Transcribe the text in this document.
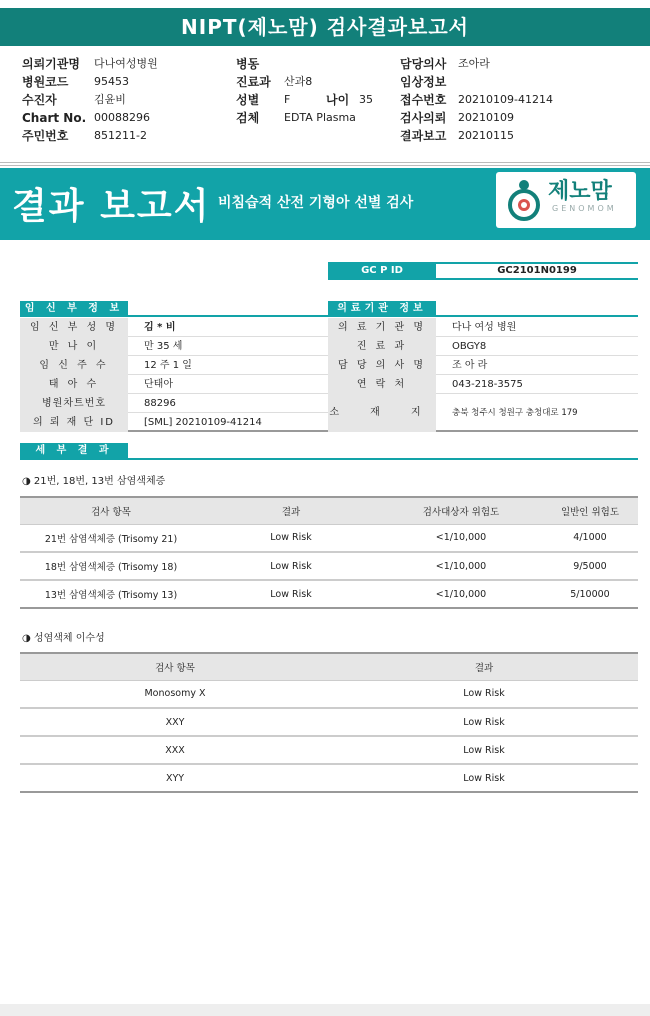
NIPT(제노맘) 검사결과보고서
의뢰기관명	다나여성병원
병원코드	95453
수진자	김윤비
Chart No. 00088296
주민번호	851211-2
병동
진료과	산과8
성별	F	나이 35
검체	EDTA Plasma
담당의사	조아라
임상정보
접수번호	20210109-41214
검사의뢰	20210109
결과보고	20210115
결과 보고서 비침습적 산전 기형아 선별 검사	제노맘
GENOMOM
GC P ID	GC2101N0199
임 신 부 정 보
임 신 부 성 명	김 * 비
만 나 이	만 35 세
임 신 주 수	12 주 1 일
태 아 수	단태아
병원차트번호	88296
의 뢰 재 단 ID	[SML] 20210109-41214
의료기관 정보
의 료 기 관 명	다나 여성 병원
진 료 과	OBGY8
담 당 의 사 명	조 아 라
연 락 처	043-218-3575
소 재 지	충북 청주시 청원구 충청대로 179
세 부 결 과
◑ 21번, 18번, 13번 삼염색체증
검사 항목	결과	검사대상자 위험도	일반인 위험도
21번 삼염색체증 (Trisomy 21)	Low Risk	<1/10,000	4/1000
18번 삼염색체증 (Trisomy 18)	Low Risk	<1/10,000	9/5000
13번 삼염색체증 (Trisomy 13)	Low Risk	<1/10,000	5/10000
◑ 성염색체 이수성
검사 항목	결과
Monosomy X	Low Risk
XXY	Low Risk
XXX	Low Risk
XYY	Low Risk
